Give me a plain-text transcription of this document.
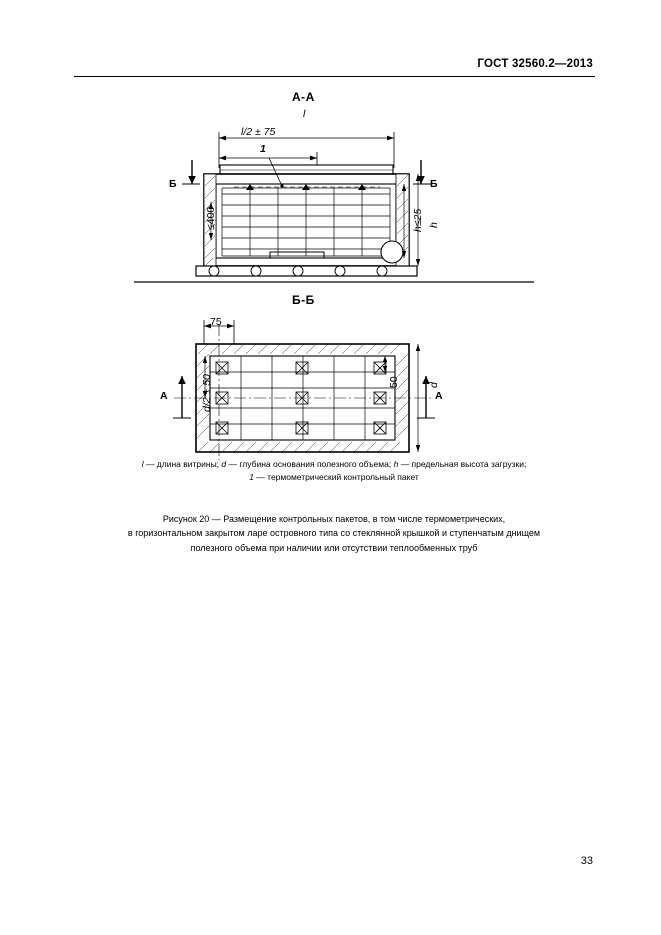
ГОСТ 32560.2—2013
А-А
l
l/2 ± 75
1
Б	Б
h
h≤25
≤400
Б-Б
75
А	А
50
d/2 ± 50	d
l — длина витрины; d — глубина основания полезного объема; h — предельная высота загрузки;
1 — термометрический контрольный пакет
Рисунок 20 — Размещение контрольных пакетов, в том числе термометрических,
в горизонтальном закрытом ларе островного типа со стеклянной крышкой и ступенчатым днищем
полезного объема при наличии или отсутствии теплообменных труб
33
